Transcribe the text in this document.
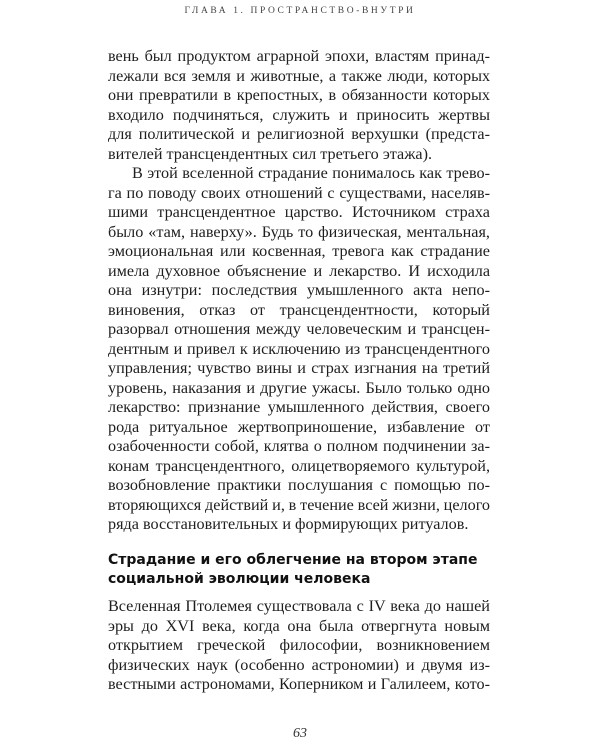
ГЛАВА 1. ПРОСТРАНСТВО-ВНУТРИ
вень был продуктом аграрной эпохи, властям принад-
лежали вся земля и животные, а также люди, которых
они превратили в крепостных, в обязанности которых
входило подчиняться, служить и приносить жертвы
для политической и религиозной верхушки (предста-
вителей трансцендентных сил третьего этажа).
В этой вселенной страдание понималось как трево-
га по поводу своих отношений с существами, населяв-
шими трансцендентное царство. Источником страха
было «там, наверху». Будь то физическая, ментальная,
эмоциональная или косвенная, тревога как страдание
имела духовное объяснение и лекарство. И исходила
она изнутри: последствия умышленного акта непо-
виновения, отказ от трансцендентности, который
разорвал отношения между человеческим и трансцен-
дентным и привел к исключению из трансцендентного
управления; чувство вины и страх изгнания на третий
уровень, наказания и другие ужасы. Было только одно
лекарство: признание умышленного действия, своего
рода ритуальное жертвоприношение, избавление от
озабоченности собой, клятва о полном подчинении за-
конам трансцендентного, олицетворяемого культурой,
возобновление практики послушания с помощью по-
вторяющихся действий и, в течение всей жизни, целого
ряда восстановительных и формирующих ритуалов.
Страдание и его облегчение на втором этапе
социальной эволюции человека
Вселенная Птолемея существовала с IV века до нашей
эры до XVI века, когда она была отвергнута новым
открытием греческой философии, возникновением
физических наук (особенно астрономии) и двумя из-
вестными астрономами, Коперником и Галилеем, кото-
63
